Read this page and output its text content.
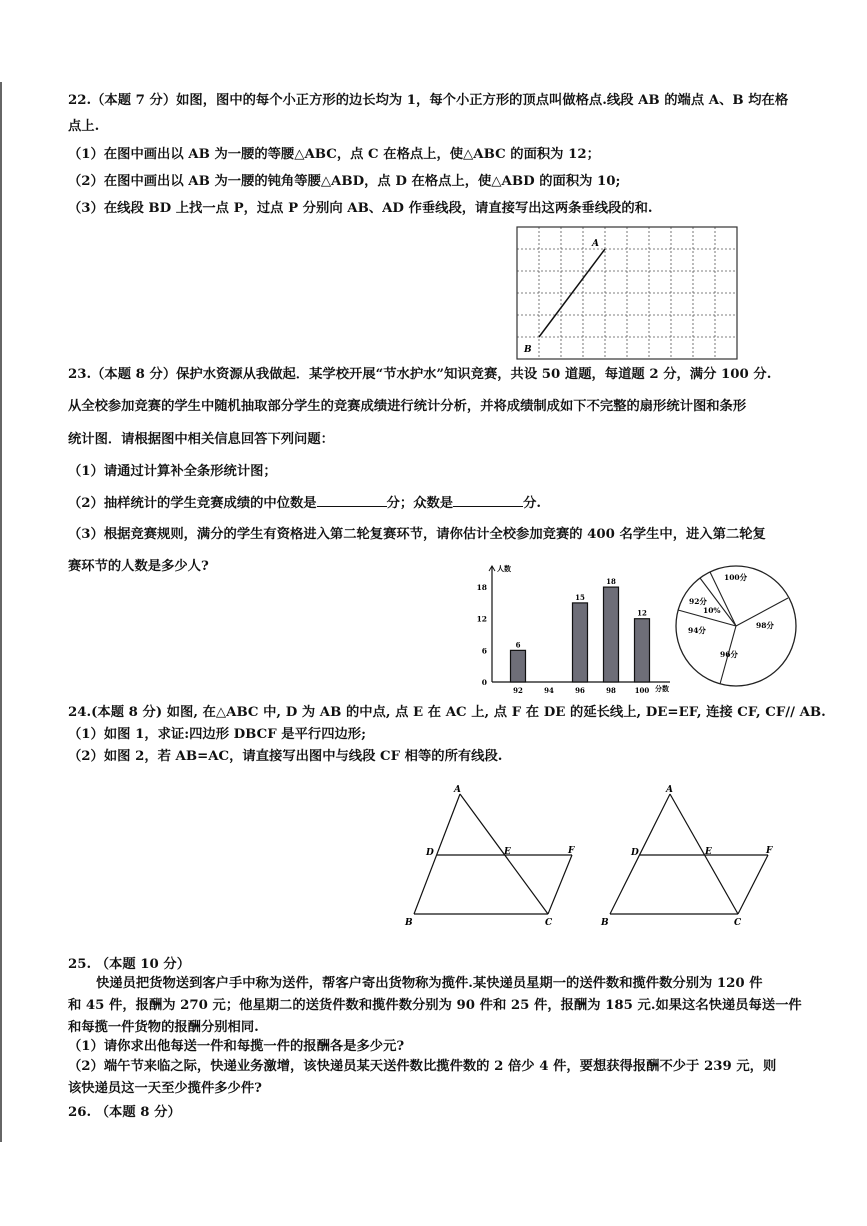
22.（本题 7 分）如图，图中的每个小正方形的边长均为 1，每个小正方形的顶点叫做格点.线段 AB 的端点 A、B 均在格
点上.
（1）在图中画出以 AB 为一腰的等腰△ABC，点 C 在格点上，使△ABC 的面积为 12；
（2）在图中画出以 AB 为一腰的钝角等腰△ABD，点 D 在格点上，使△ABD 的面积为 10;
（3）在线段 BD 上找一点 P，过点 P 分别向 AB、AD 作垂线段，请直接写出这两条垂线段的和.
A
B
23.（本题 8 分）保护水资源从我做起．某学校开展“节水护水”知识竞赛，共设 50 道题，每道题 2 分，满分 100 分.
从全校参加竞赛的学生中随机抽取部分学生的竞赛成绩进行统计分析，并将成绩制成如下不完整的扇形统计图和条形
统计图．请根据图中相关信息回答下列问题：
（1）请通过计算补全条形统计图；
（2）抽样统计的学生竞赛成绩的中位数是	分；众数是	分.
（3）根据竞赛规则，满分的学生有资格进入第二轮复赛环节，请你估计全校参加竞赛的 400 名学生中，进入第二轮复
赛环节的人数是多少人?	人数
分数
0
6
12
18
6
92	94
15
96
18
98
12
100
100分
92分
10%
94分
96分
98分
24.(本题 8 分) 如图, 在△ABC 中, D 为 AB 的中点, 点 E 在 AC 上, 点 F 在 DE 的延长线上, DE=EF, 连接 CF, CF// AB.
（1）如图 1，求证:四边形 DBCF 是平行四边形;
（2）如图 2，若 AB=AC，请直接写出图中与线段 CF 相等的所有线段.
A
D	E	F
B	C
A
D	E	F
B	C
25. （本题 10 分）
快递员把货物送到客户手中称为送件，帮客户寄出货物称为揽件.某快递员星期一的送件数和揽件数分别为 120 件
和 45 件，报酬为 270 元；他星期二的送货件数和揽件数分别为 90 件和 25 件，报酬为 185 元.如果这名快递员每送一件
和每揽一件货物的报酬分别相同.
（1）请你求出他每送一件和每揽一件的报酬各是多少元?
（2）端午节来临之际，快递业务激增，该快递员某天送件数比揽件数的 2 倍少 4 件，要想获得报酬不少于 239 元，则
该快递员这一天至少揽件多少件?
26. （本题 8 分）
